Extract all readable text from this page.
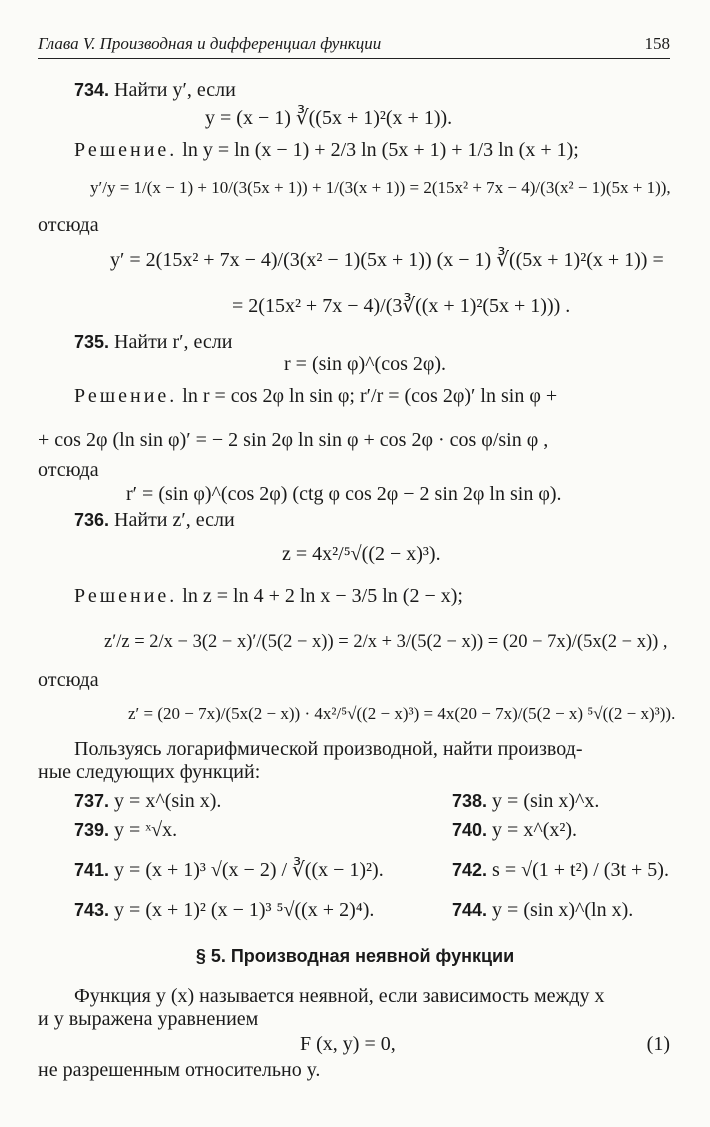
Глава V. Производная и дифференциал функции	158
734. Найти y′, если
y = (x − 1) ∛((5x + 1)²(x + 1)).
Решение. ln y = ln (x − 1) + 2/3 ln (5x + 1) + 1/3 ln (x + 1);
y′/y = 1/(x − 1) + 10/(3(5x + 1)) + 1/(3(x + 1)) = 2(15x² + 7x − 4)/(3(x² − 1)(5x + 1)),
отсюда
y′ = 2(15x² + 7x − 4)/(3(x² − 1)(5x + 1)) (x − 1) ∛((5x + 1)²(x + 1)) =
= 2(15x² + 7x − 4)/(3∛((x + 1)²(5x + 1))) .
735. Найти r′, если
r = (sin φ)^(cos 2φ).
Решение. ln r = cos 2φ ln sin φ; r′/r = (cos 2φ)′ ln sin φ +
+ cos 2φ (ln sin φ)′ = − 2 sin 2φ ln sin φ + cos 2φ · cos φ/sin φ ,
отсюда
r′ = (sin φ)^(cos 2φ) (ctg φ cos 2φ − 2 sin 2φ ln sin φ).
736. Найти z′, если
z = 4x²/⁵√((2 − x)³).
Решение. ln z = ln 4 + 2 ln x − 3/5 ln (2 − x);
z′/z = 2/x − 3(2 − x)′/(5(2 − x)) = 2/x + 3/(5(2 − x)) = (20 − 7x)/(5x(2 − x)) ,
отсюда
z′ = (20 − 7x)/(5x(2 − x)) · 4x²/⁵√((2 − x)³) = 4x(20 − 7x)/(5(2 − x) ⁵√((2 − x)³)).
Пользуясь логарифмической производной, найти производ-
ные следующих функций:
737. y = x^(sin x).	738. y = (sin x)^x.
739. y = ˣ√x.	740. y = x^(x²).
741. y = (x + 1)³ √(x − 2) / ∛((x − 1)²).	742. s = √(1 + t²) / (3t + 5).
743. y = (x + 1)² (x − 1)³ ⁵√((x + 2)⁴).	744. y = (sin x)^(ln x).
§ 5. Производная неявной функции
Функция y (x) называется неявной, если зависимость между x
и y выражена уравнением
F (x, y) = 0,	(1)
не разрешенным относительно y.
